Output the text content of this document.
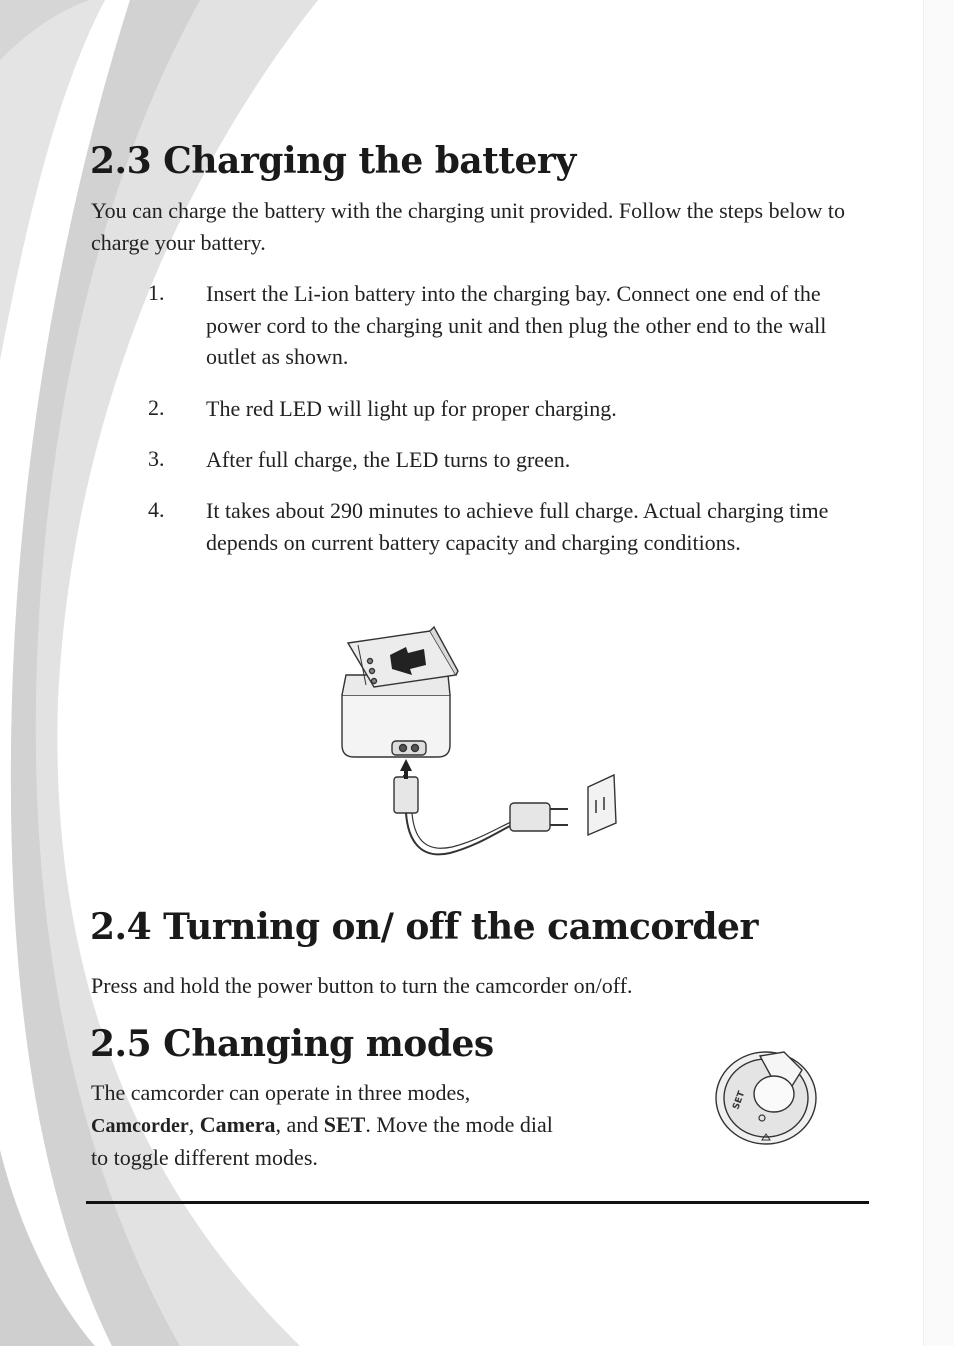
2.3 Charging the battery

You can charge the battery with the charging unit provided. Follow the steps below to charge your battery.

1. Insert the Li-ion battery into the charging bay. Connect one end of the power cord to the charging unit and then plug the other end to the wall outlet as shown.
2. The red LED will light up for proper charging.
3. After full charge, the LED turns to green.
4. It takes about 290 minutes to achieve full charge. Actual charging time depends on current battery capacity and charging conditions.
2.4 Turning on/ off the camcorder

Press and hold the power button to turn the camcorder on/off.

2.5 Changing modes

The camcorder can operate in three modes,
Camcorder, Camera, and SET. Move the mode dial
to toggle different modes.

SET
